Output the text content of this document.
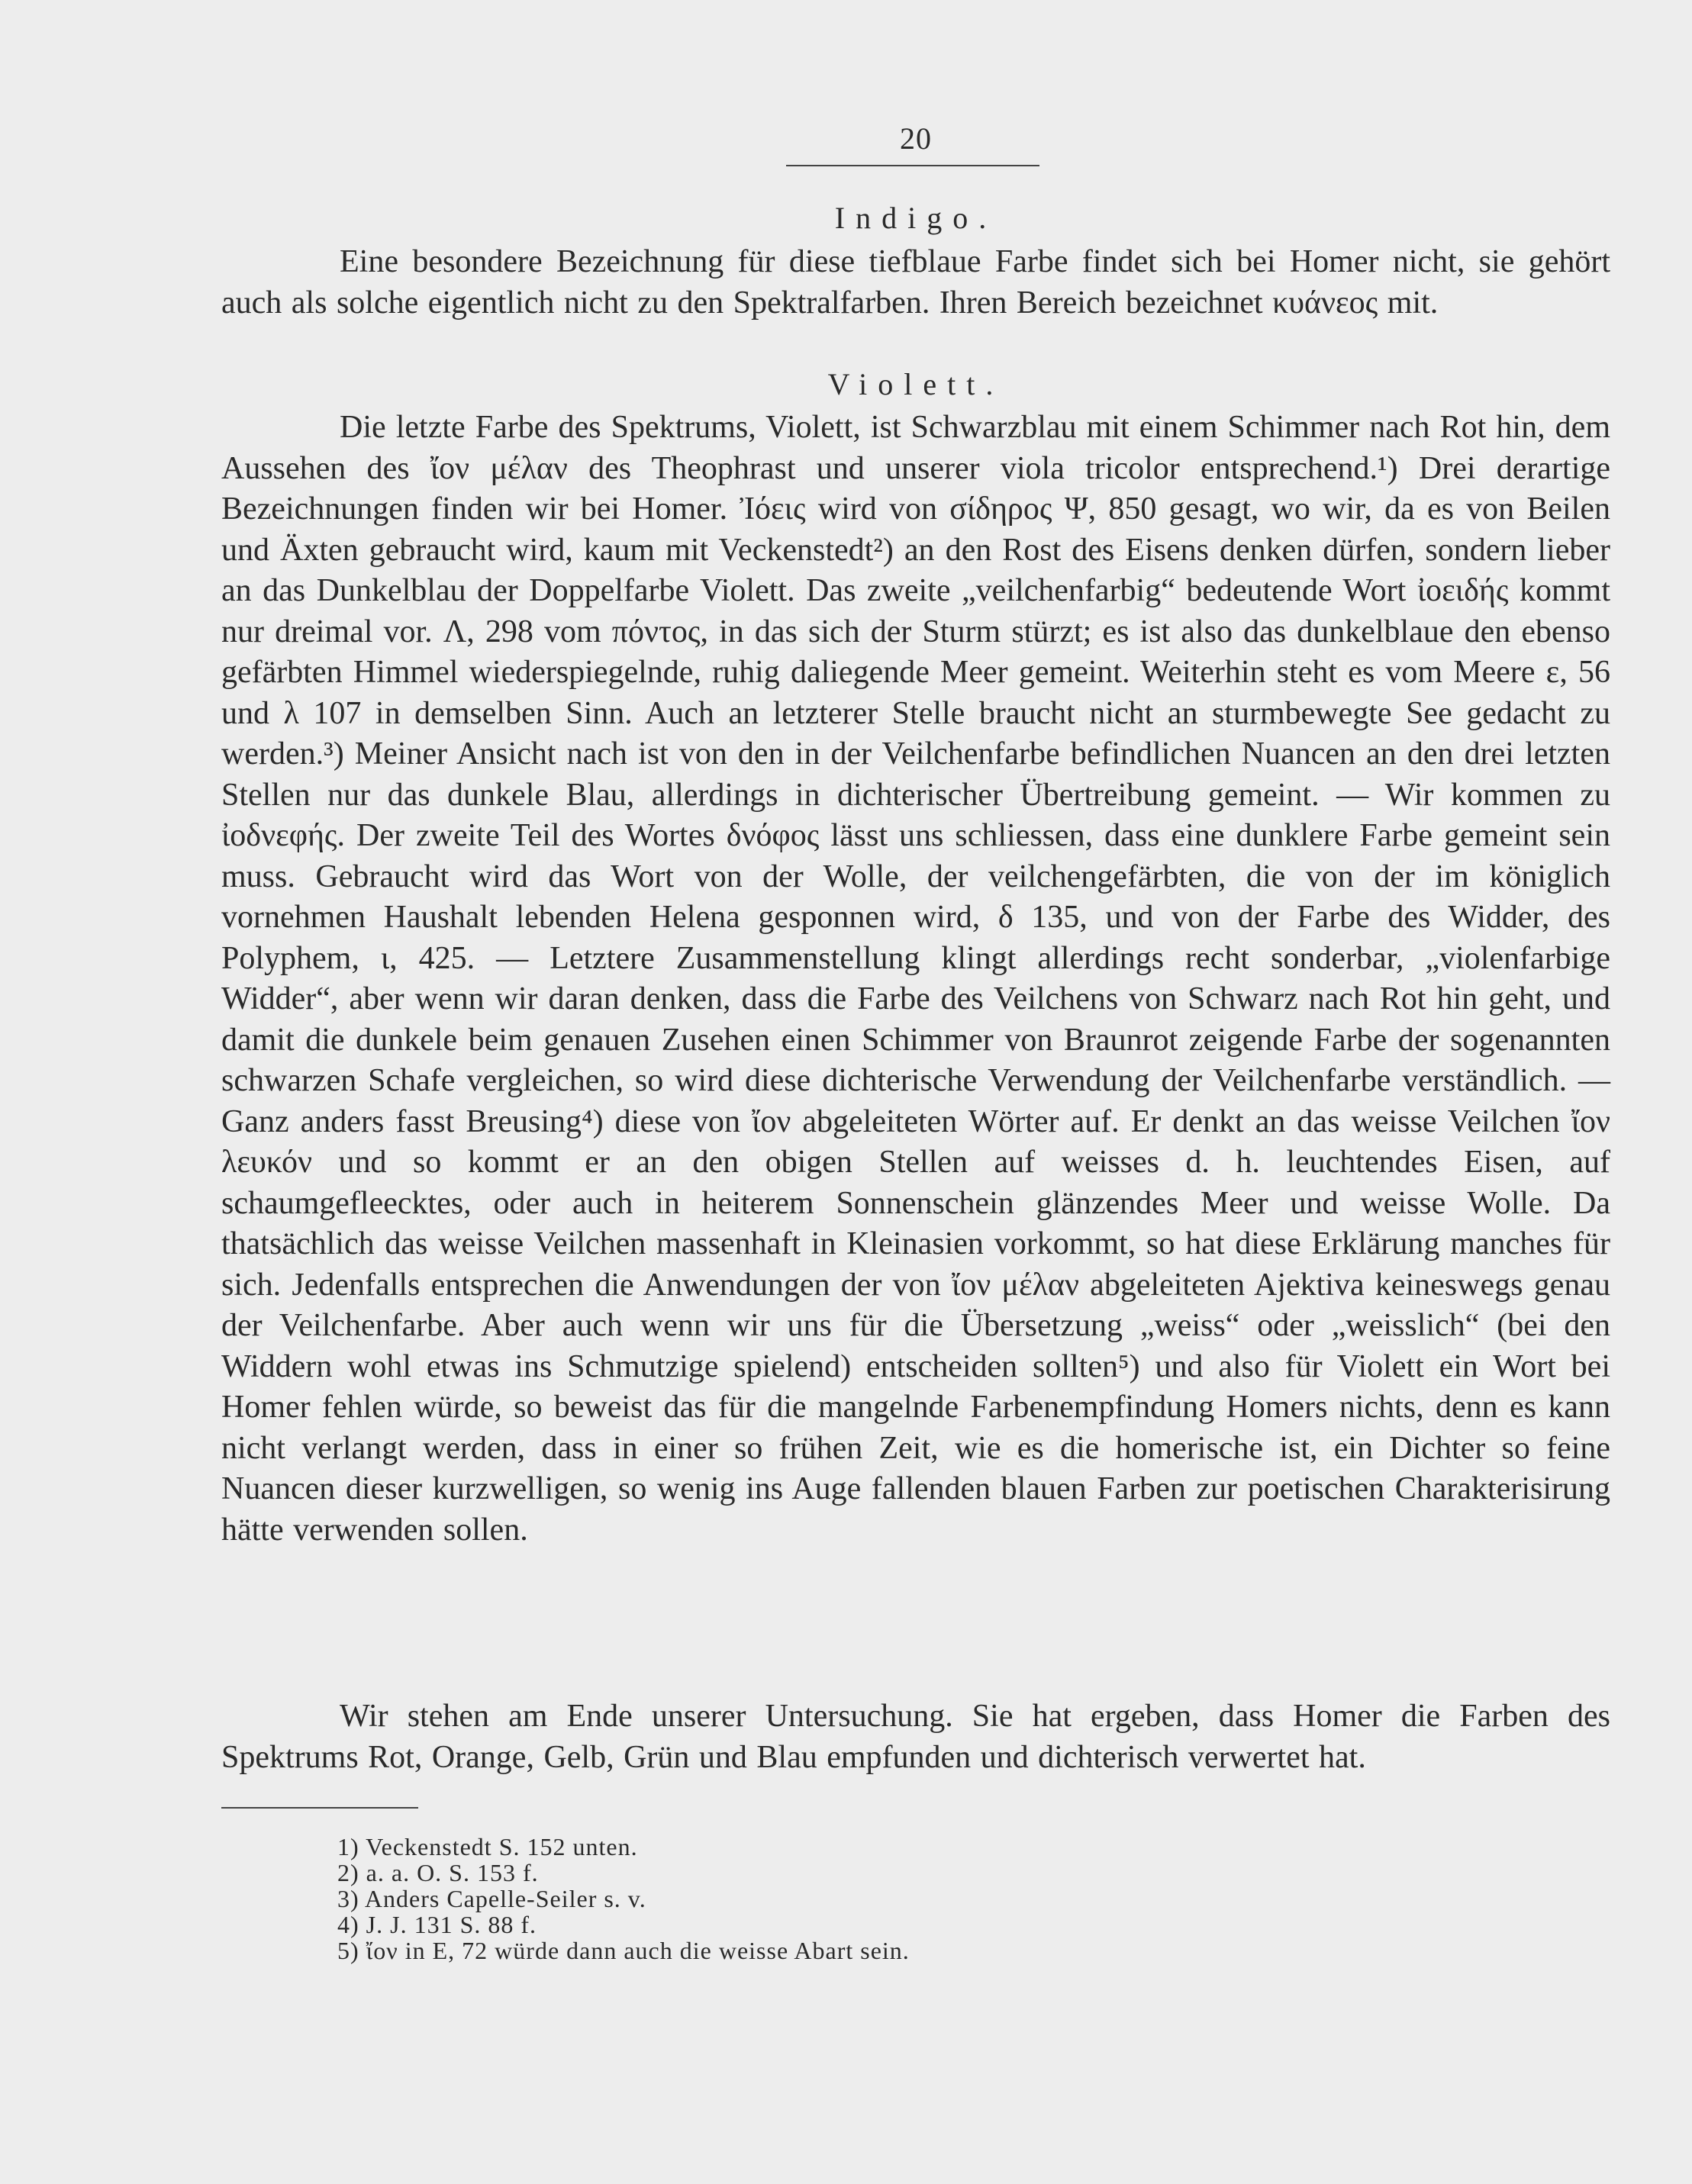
20
Indigo.
Eine besondere Bezeichnung für diese tiefblaue Farbe findet sich bei Homer nicht, sie gehört auch als solche eigentlich nicht zu den Spektralfarben. Ihren Bereich bezeichnet κυάνεος mit.
Violett.
Die letzte Farbe des Spektrums, Violett, ist Schwarzblau mit einem Schimmer nach Rot hin, dem Aussehen des ἴον μέλαν des Theophrast und unserer viola tricolor entsprechend.¹) Drei derartige Bezeichnungen finden wir bei Homer. Ἰόεις wird von σίδηρος Ψ, 850 gesagt, wo wir, da es von Beilen und Äxten gebraucht wird, kaum mit Veckenstedt²) an den Rost des Eisens denken dürfen, sondern lieber an das Dunkelblau der Doppelfarbe Violett. Das zweite „veilchenfarbig“ bedeutende Wort ἰοειδής kommt nur dreimal vor. Λ, 298 vom πόντος, in das sich der Sturm stürzt; es ist also das dunkelblaue den ebenso gefärbten Himmel wiederspiegelnde, ruhig daliegende Meer gemeint. Weiterhin steht es vom Meere ε, 56 und λ 107 in demselben Sinn. Auch an letzterer Stelle braucht nicht an sturmbewegte See gedacht zu werden.³) Meiner Ansicht nach ist von den in der Veilchenfarbe befindlichen Nuancen an den drei letzten Stellen nur das dunkele Blau, allerdings in dichterischer Übertreibung gemeint. — Wir kommen zu ἰοδνεφής. Der zweite Teil des Wortes δνόφος lässt uns schliessen, dass eine dunklere Farbe gemeint sein muss. Gebraucht wird das Wort von der Wolle, der veilchengefärbten, die von der im königlich vornehmen Haushalt lebenden Helena gesponnen wird, δ 135, und von der Farbe des Widder, des Polyphem, ι, 425. — Letztere Zusammenstellung klingt allerdings recht sonderbar, „violenfarbige Widder“, aber wenn wir daran denken, dass die Farbe des Veilchens von Schwarz nach Rot hin geht, und damit die dunkele beim genauen Zusehen einen Schimmer von Braunrot zeigende Farbe der sogenannten schwarzen Schafe vergleichen, so wird diese dichterische Verwendung der Veilchenfarbe verständlich. — Ganz anders fasst Breusing⁴) diese von ἴον abgeleiteten Wörter auf. Er denkt an das weisse Veilchen ἴον λευκόν und so kommt er an den obigen Stellen auf weisses d. h. leuchtendes Eisen, auf schaumgefleecktes, oder auch in heiterem Sonnenschein glänzendes Meer und weisse Wolle. Da thatsächlich das weisse Veilchen massenhaft in Kleinasien vorkommt, so hat diese Erklärung manches für sich. Jedenfalls entsprechen die Anwendungen der von ἴον μέλαν abgeleiteten Ajektiva keineswegs genau der Veilchenfarbe. Aber auch wenn wir uns für die Übersetzung „weiss“ oder „weisslich“ (bei den Widdern wohl etwas ins Schmutzige spielend) entscheiden sollten⁵) und also für Violett ein Wort bei Homer fehlen würde, so beweist das für die mangelnde Farbenempfindung Homers nichts, denn es kann nicht verlangt werden, dass in einer so frühen Zeit, wie es die homerische ist, ein Dichter so feine Nuancen dieser kurzwelligen, so wenig ins Auge fallenden blauen Farben zur poetischen Charakterisirung hätte verwenden sollen.
Wir stehen am Ende unserer Untersuchung. Sie hat ergeben, dass Homer die Farben des Spektrums Rot, Orange, Gelb, Grün und Blau empfunden und dichterisch verwertet hat.
1) Veckenstedt S. 152 unten.
2) a. a. O. S. 153 f.
3) Anders Capelle-Seiler s. v.
4) J. J. 131 S. 88 f.
5) ἴον in E, 72 würde dann auch die weisse Abart sein.
